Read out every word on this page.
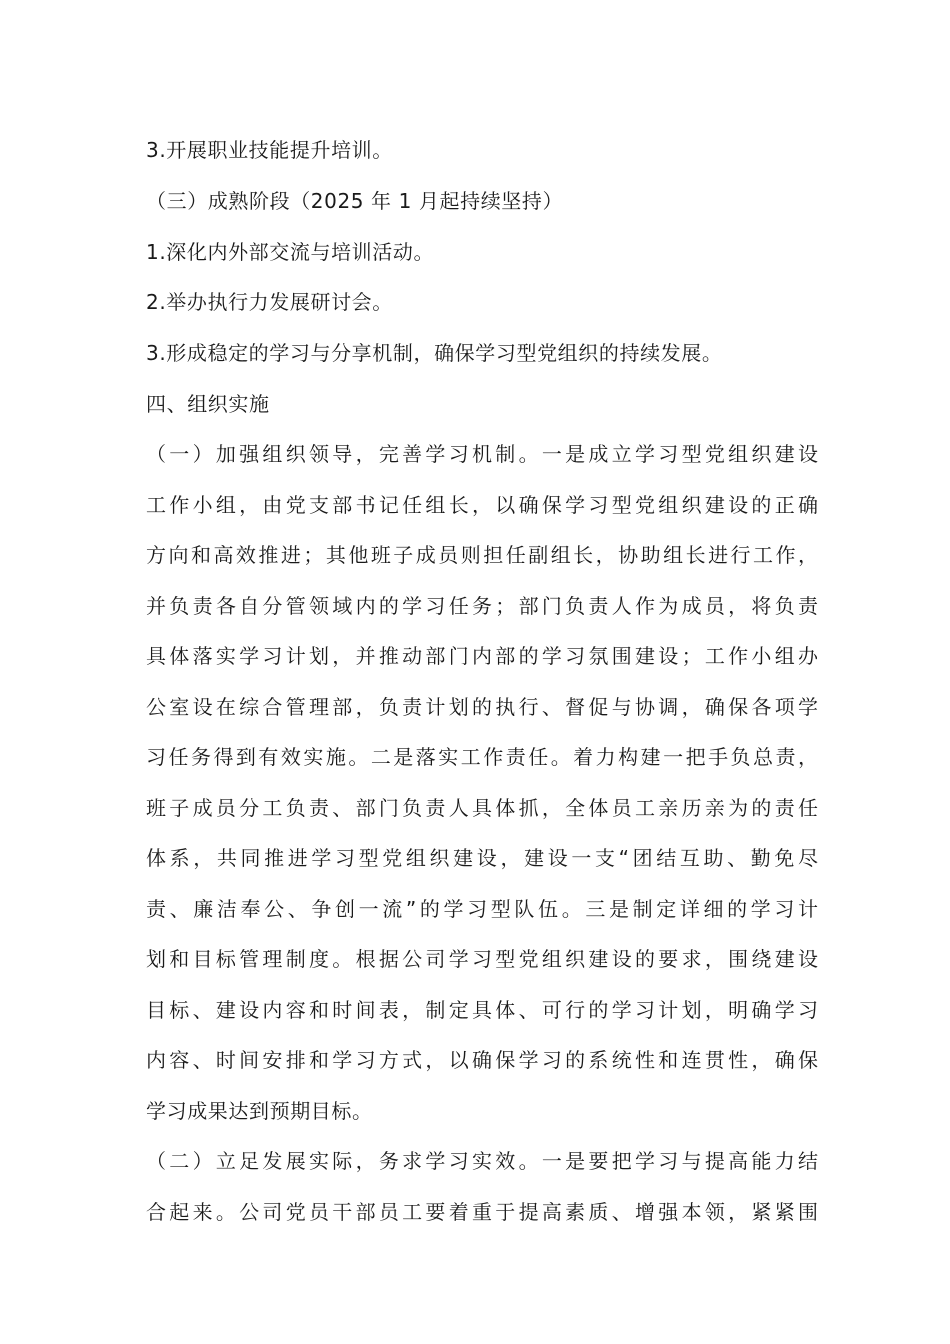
3.开展职业技能提升培训。
（三）成熟阶段（2025 年 1 月起持续坚持）
1.深化内外部交流与培训活动。
2.举办执行力发展研讨会。
3.形成稳定的学习与分享机制，确保学习型党组织的持续发展。
四、组织实施
（一）加强组织领导，完善学习机制。一是成立学习型党组织建设
工作小组，由党支部书记任组长，以确保学习型党组织建设的正确
方向和高效推进；其他班子成员则担任副组长，协助组长进行工作，
并负责各自分管领域内的学习任务；部门负责人作为成员，将负责
具体落实学习计划，并推动部门内部的学习氛围建设；工作小组办
公室设在综合管理部，负责计划的执行、督促与协调，确保各项学
习任务得到有效实施。二是落实工作责任。着力构建一把手负总责，
班子成员分工负责、部门负责人具体抓，全体员工亲历亲为的责任
体系，共同推进学习型党组织建设，建设一支“团结互助、勤免尽
责、廉洁奉公、争创一流”的学习型队伍。三是制定详细的学习计
划和目标管理制度。根据公司学习型党组织建设的要求，围绕建设
目标、建设内容和时间表，制定具体、可行的学习计划，明确学习
内容、时间安排和学习方式，以确保学习的系统性和连贯性，确保
学习成果达到预期目标。
（二）立足发展实际，务求学习实效。一是要把学习与提高能力结
合起来。公司党员干部员工要着重于提高素质、增强本领，紧紧围
